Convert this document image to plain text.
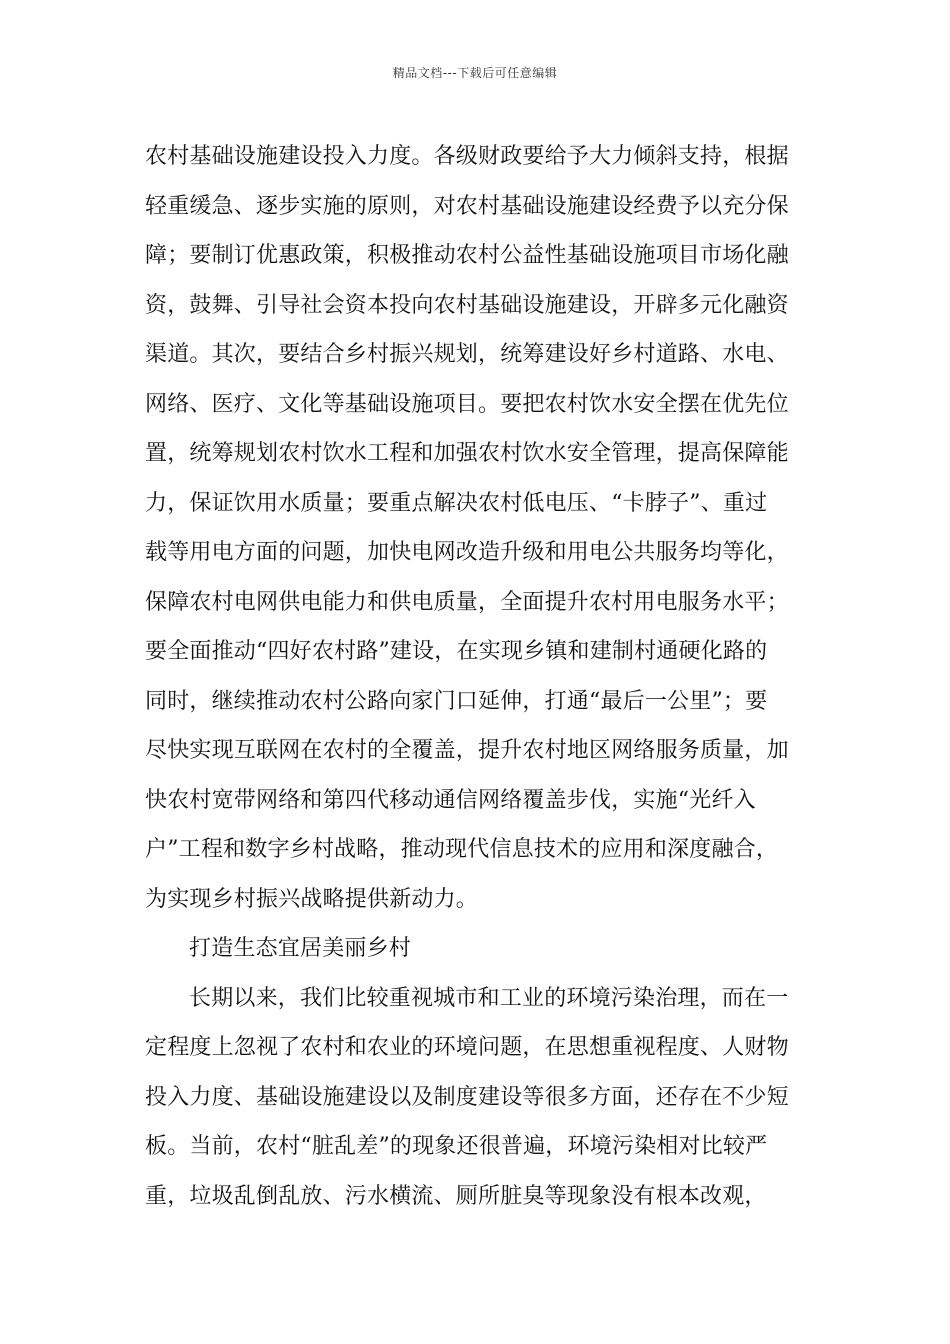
精品文档---下载后可任意编辑
农村基础设施建设投入力度。各级财政要给予大力倾斜支持，根据
轻重缓急、逐步实施的原则，对农村基础设施建设经费予以充分保
障；要制订优惠政策，积极推动农村公益性基础设施项目市场化融
资，鼓舞、引导社会资本投向农村基础设施建设，开辟多元化融资
渠道。其次，要结合乡村振兴规划，统筹建设好乡村道路、水电、
网络、医疗、文化等基础设施项目。要把农村饮水安全摆在优先位
置，统筹规划农村饮水工程和加强农村饮水安全管理，提高保障能
力，保证饮用水质量；要重点解决农村低电压、“卡脖子”、重过
载等用电方面的问题，加快电网改造升级和用电公共服务均等化，
保障农村电网供电能力和供电质量，全面提升农村用电服务水平；
要全面推动“四好农村路”建设，在实现乡镇和建制村通硬化路的
同时，继续推动农村公路向家门口延伸，打通“最后一公里”；要
尽快实现互联网在农村的全覆盖，提升农村地区网络服务质量，加
快农村宽带网络和第四代移动通信网络覆盖步伐，实施“光纤入
户”工程和数字乡村战略，推动现代信息技术的应用和深度融合，
为实现乡村振兴战略提供新动力。
打造生态宜居美丽乡村
长期以来，我们比较重视城市和工业的环境污染治理，而在一
定程度上忽视了农村和农业的环境问题，在思想重视程度、人财物
投入力度、基础设施建设以及制度建设等很多方面，还存在不少短
板。当前，农村“脏乱差”的现象还很普遍，环境污染相对比较严
重，垃圾乱倒乱放、污水横流、厕所脏臭等现象没有根本改观，
